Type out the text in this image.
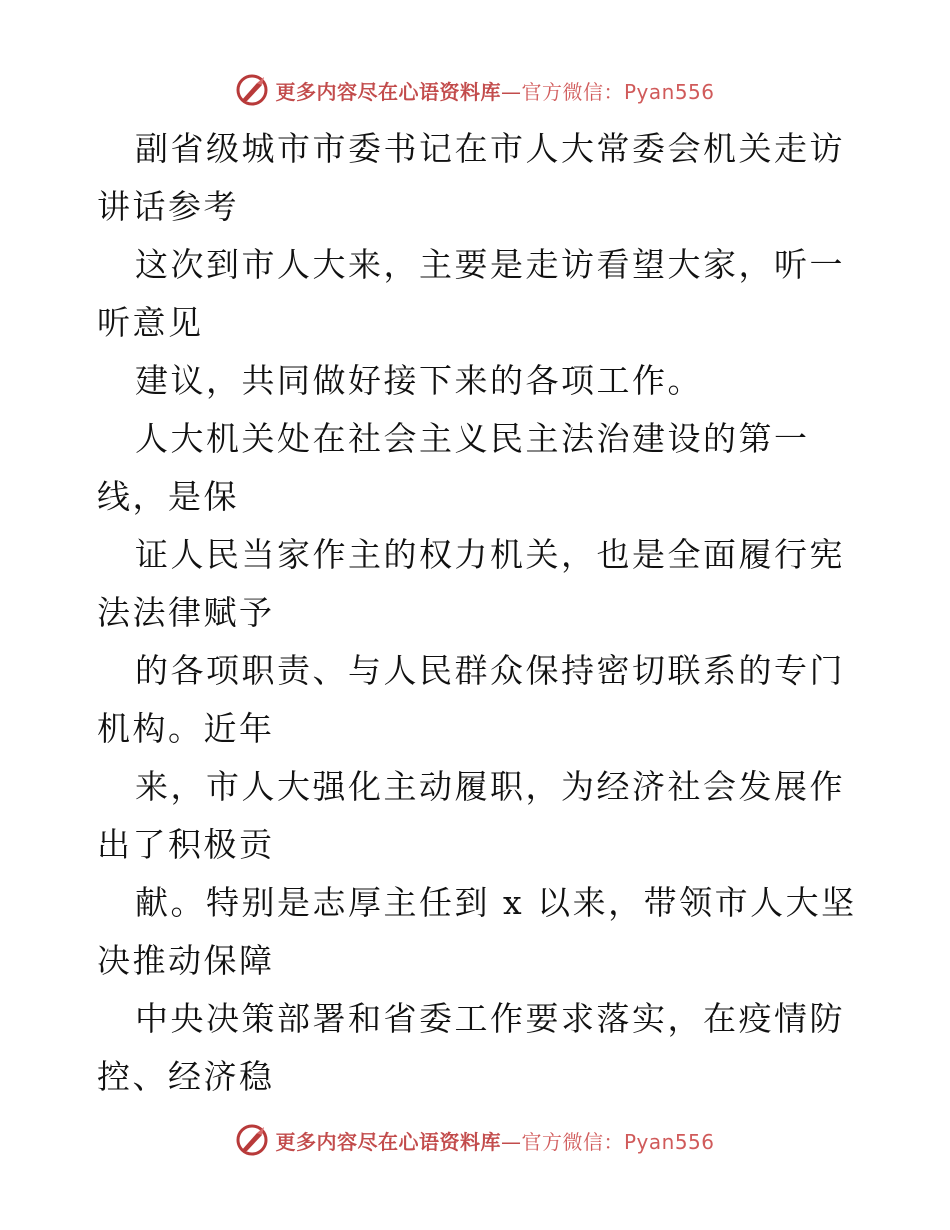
更多内容尽在心语资料库—官方微信：Pyan556

副省级城市市委书记在市人大常委会机关走访讲话参考

这次到市人大来，主要是走访看望大家，听一听意见

建议，共同做好接下来的各项工作。

人大机关处在社会主义民主法治建设的第一线，是保

证人民当家作主的权力机关，也是全面履行宪法法律赋予

的各项职责、与人民群众保持密切联系的专门机构。近年

来，市人大强化主动履职，为经济社会发展作出了积极贡

献。特别是志厚主任到 x 以来，带领市人大坚决推动保障

中央决策部署和省委工作要求落实，在疫情防控、经济稳

更多内容尽在心语资料库—官方微信：Pyan556
